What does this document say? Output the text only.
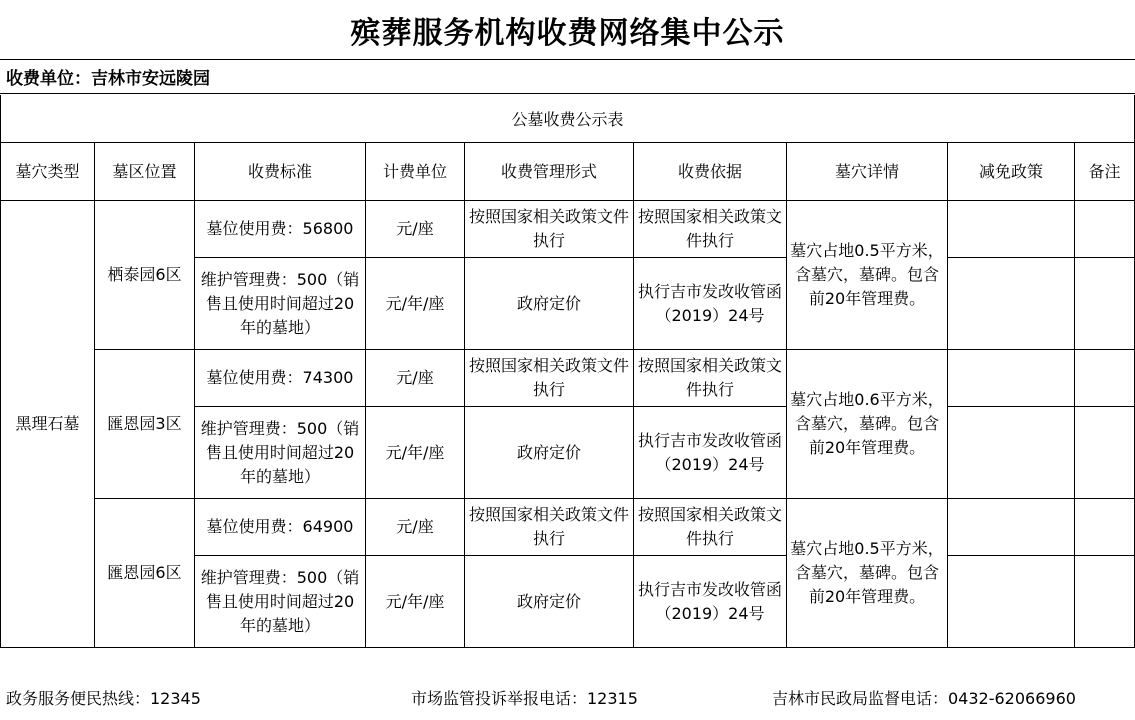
殡葬服务机构收费网络集中公示
收费单位：吉林市安远陵园
公墓收费公示表
墓穴类型	墓区位置	收费标准	计费单位	收费管理形式	收费依据	墓穴详情	减免政策	备注
黑理石墓	栖泰园6区	墓位使用费：56800	元/座	按照国家相关政策文件执行	按照国家相关政策文件执行	墓穴占地0.5平方米，含墓穴，墓碑。包含前20年管理费。		
		维护管理费：500（销售且使用时间超过20年的墓地）	元/年/座	政府定价	执行吉市发改收管函（2019）24号			
	匯恩园3区	墓位使用费：74300	元/座	按照国家相关政策文件执行	按照国家相关政策文件执行	墓穴占地0.6平方米，含墓穴，墓碑。包含前20年管理费。		
		维护管理费：500（销售且使用时间超过20年的墓地）	元/年/座	政府定价	执行吉市发改收管函（2019）24号			
	匯恩园6区	墓位使用费：64900	元/座	按照国家相关政策文件执行	按照国家相关政策文件执行	墓穴占地0.5平方米，含墓穴，墓碑。包含前20年管理费。		
		维护管理费：500（销售且使用时间超过20年的墓地）	元/年/座	政府定价	执行吉市发改收管函（2019）24号			
政务服务便民热线：12345	市场监管投诉举报电话：12315	吉林市民政局监督电话：0432-62066960
